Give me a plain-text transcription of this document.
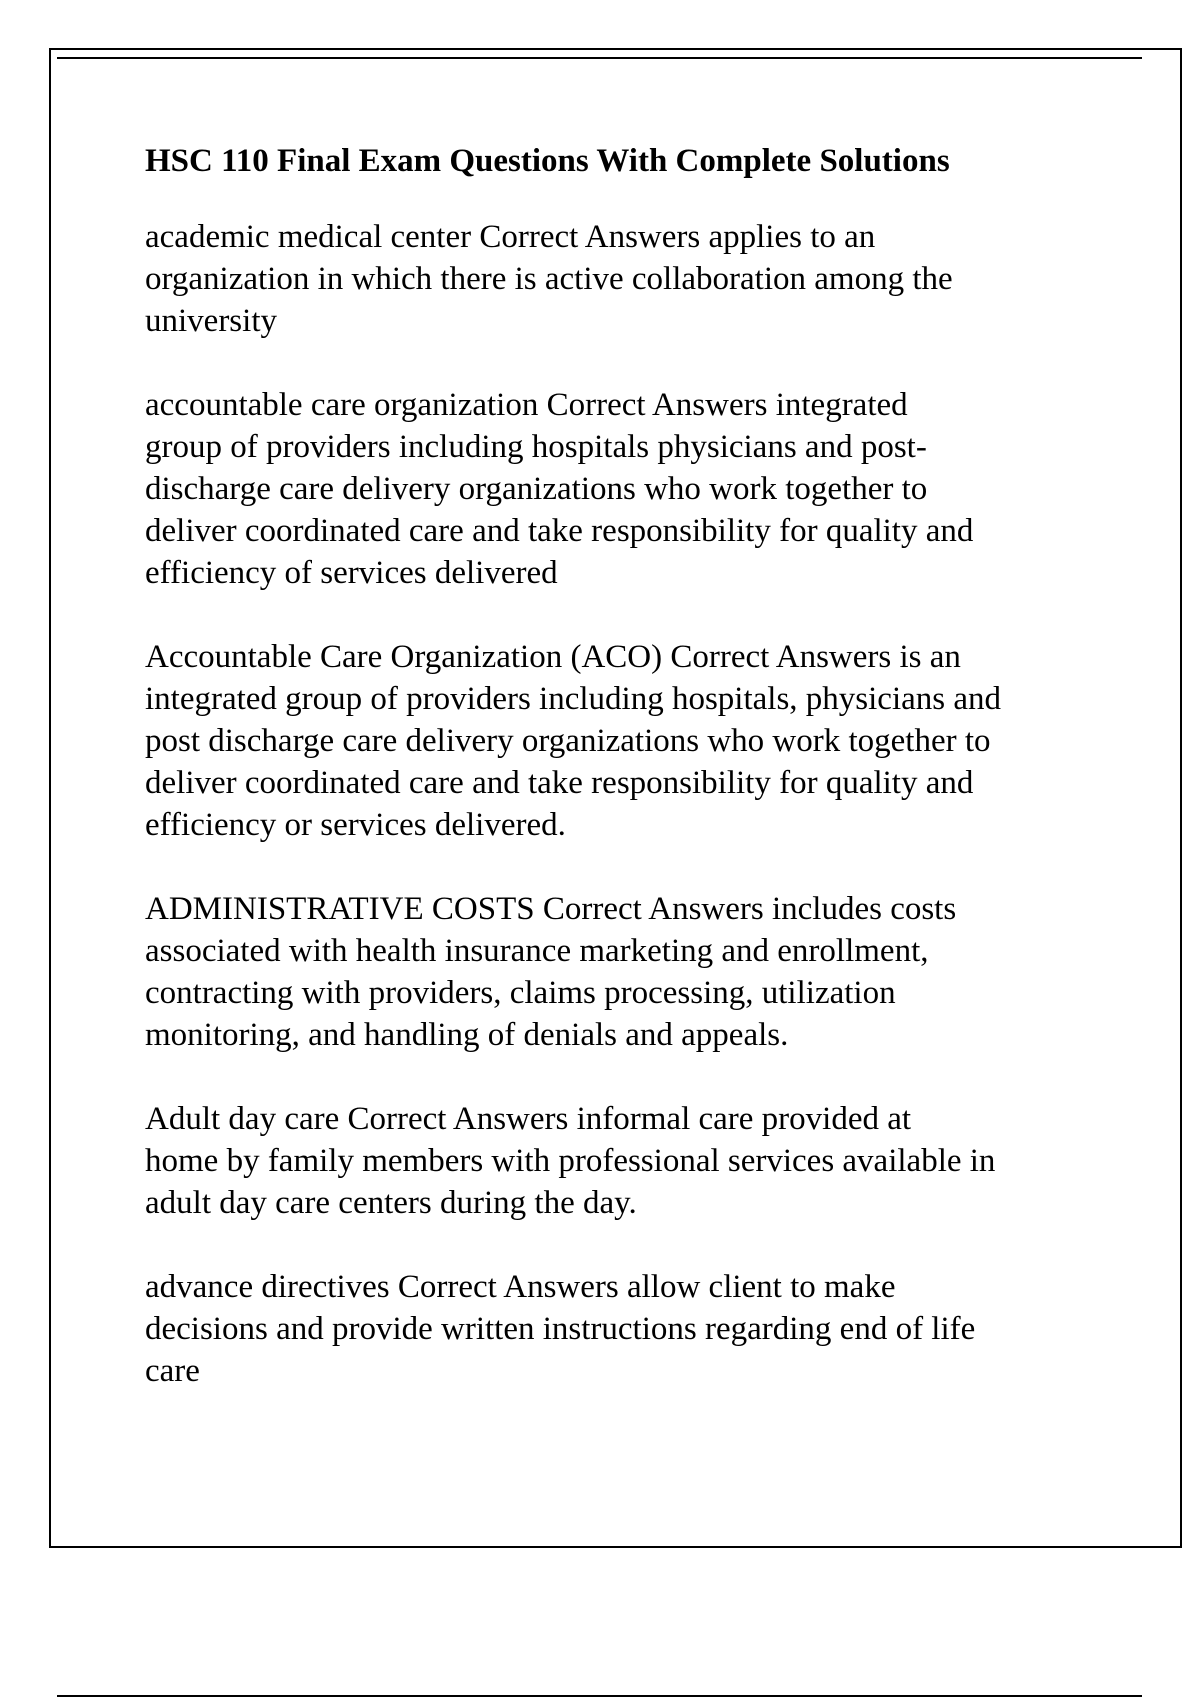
HSC 110 Final Exam Questions With Complete Solutions
academic medical center Correct Answers applies to an
organization in which there is active collaboration among the
university
accountable care organization Correct Answers integrated
group of providers including hospitals physicians and post-
discharge care delivery organizations who work together to
deliver coordinated care and take responsibility for quality and
efficiency of services delivered
Accountable Care Organization (ACO) Correct Answers is an
integrated group of providers including hospitals, physicians and
post discharge care delivery organizations who work together to
deliver coordinated care and take responsibility for quality and
efficiency or services delivered.
ADMINISTRATIVE COSTS Correct Answers includes costs
associated with health insurance marketing and enrollment,
contracting with providers, claims processing, utilization
monitoring, and handling of denials and appeals.
Adult day care Correct Answers informal care provided at
home by family members with professional services available in
adult day care centers during the day.
advance directives Correct Answers allow client to make
decisions and provide written instructions regarding end of life
care
